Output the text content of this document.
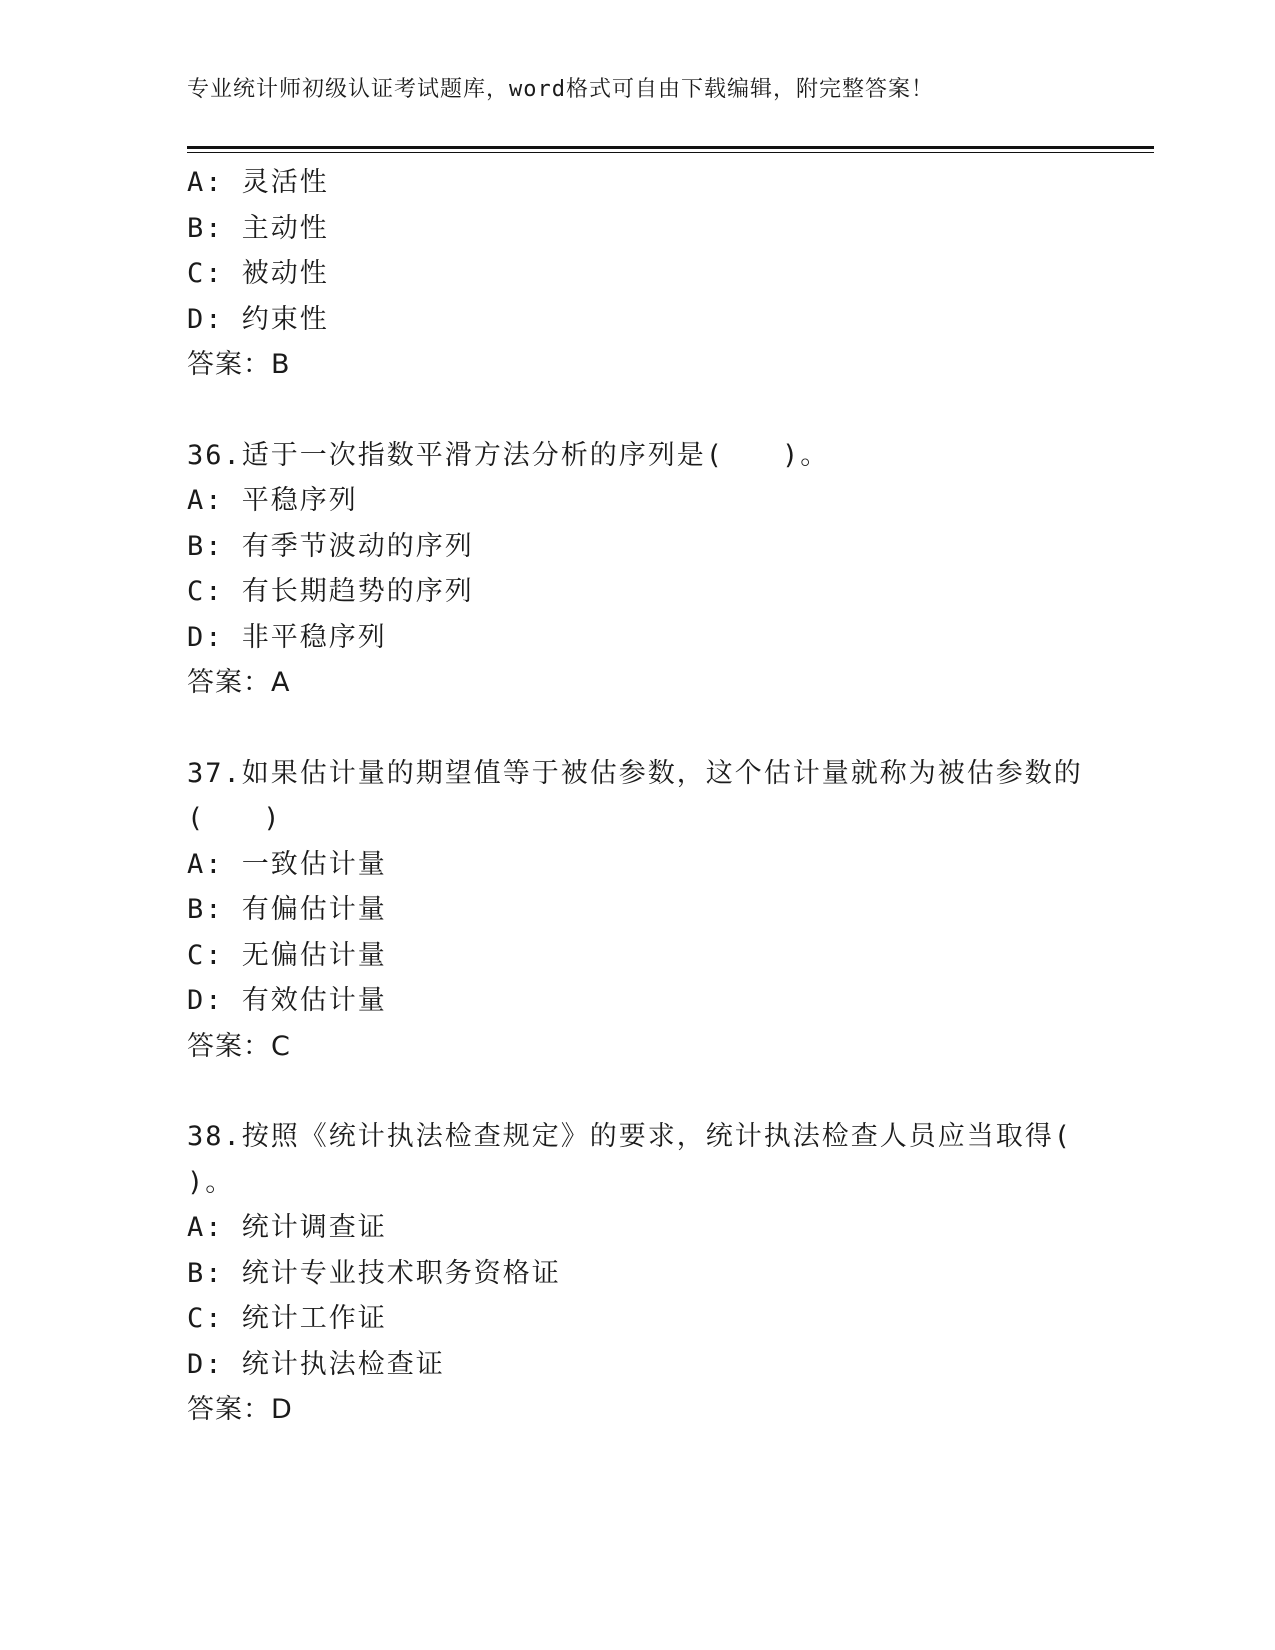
专业统计师初级认证考试题库，word格式可自由下载编辑，附完整答案！
A: 灵活性
B: 主动性
C: 被动性
D: 约束性
答案：B
36.适于一次指数平滑方法分析的序列是(　　)。
A: 平稳序列
B: 有季节波动的序列
C: 有长期趋势的序列
D: 非平稳序列
答案：A
37.如果估计量的期望值等于被估参数，这个估计量就称为被估参数的
(　　)
A: 一致估计量
B: 有偏估计量
C: 无偏估计量
D: 有效估计量
答案：C
38.按照《统计执法检查规定》的要求，统计执法检查人员应当取得(
)。
A: 统计调查证
B: 统计专业技术职务资格证
C: 统计工作证
D: 统计执法检查证
答案：D
